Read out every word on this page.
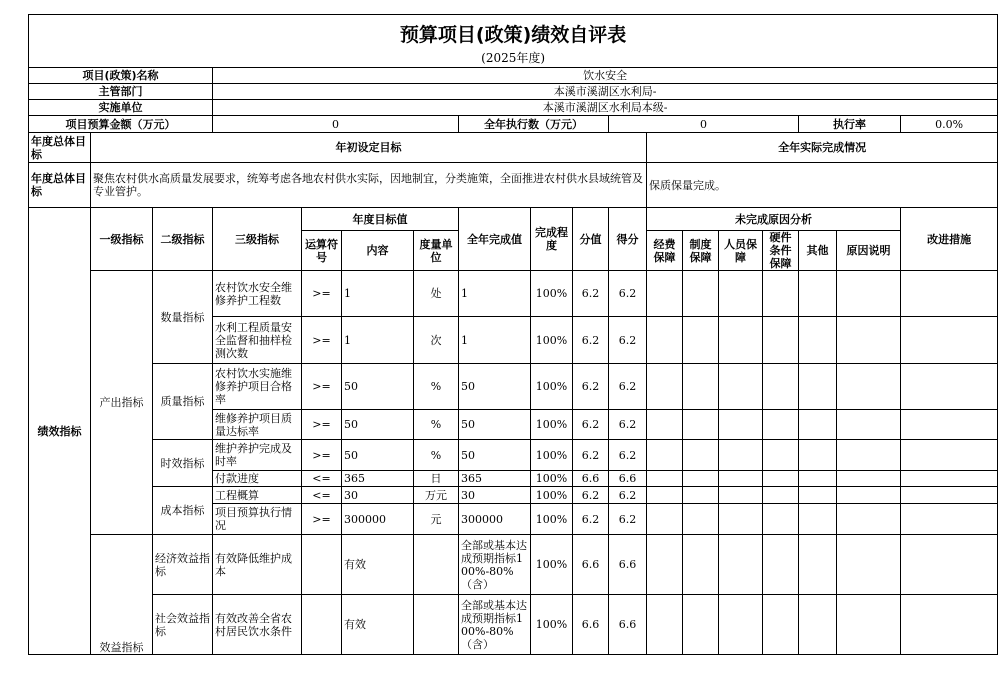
预算项目(政策)绩效自评表																	
(2025年度)																	
项目(政策)名称			饮水安全														
主管部门			本溪市溪湖区水利局-														
实施单位			本溪市溪湖区水利局本级-														
项目预算金额（万元）			0				全年执行数（万元）			0					执行率		0.0%
年度总体目标	年初设定目标										全年实际完成情况						
年度总体目标	聚焦农村供水高质量发展要求，统筹考虑各地农村供水实际，因地制宜，分类施策，全面推进农村供水县域统管及专业管护。										保质保量完成。						
绩效指标	一级指标	二级指标	三级指标	年度目标值			全年完成值	完成程度	分值	得分	未完成原因分析						改进措施
				运算符号	内容	度量单位					经费保障	制度保障	人员保障	硬件条件保障	其他	原因说明	
	产出指标	数量指标	农村饮水安全维修养护工程数	>=	1	处	1	100%	6.2	6.2							
			水利工程质量安全监督和抽样检测次数	>=	1	次	1	100%	6.2	6.2							
		质量指标	农村饮水实施维修养护项目合格率	>=	50	%	50	100%	6.2	6.2							
			维修养护项目质量达标率	>=	50	%	50	100%	6.2	6.2							
		时效指标	维护养护完成及时率	>=	50	%	50	100%	6.2	6.2							
			付款进度	<=	365	日	365	100%	6.6	6.6							
		成本指标	工程概算	<=	30	万元	30	100%	6.2	6.2							
			项目预算执行情况	>=	300000	元	300000	100%	6.2	6.2							
	效益指标	经济效益指标	有效降低维护成本		有效		全部或基本达成预期指标100%-80%（含）	100%	6.6	6.6							
		社会效益指标	有效改善全省农村居民饮水条件		有效		全部或基本达成预期指标100%-80%（含）	100%	6.6	6.6							
